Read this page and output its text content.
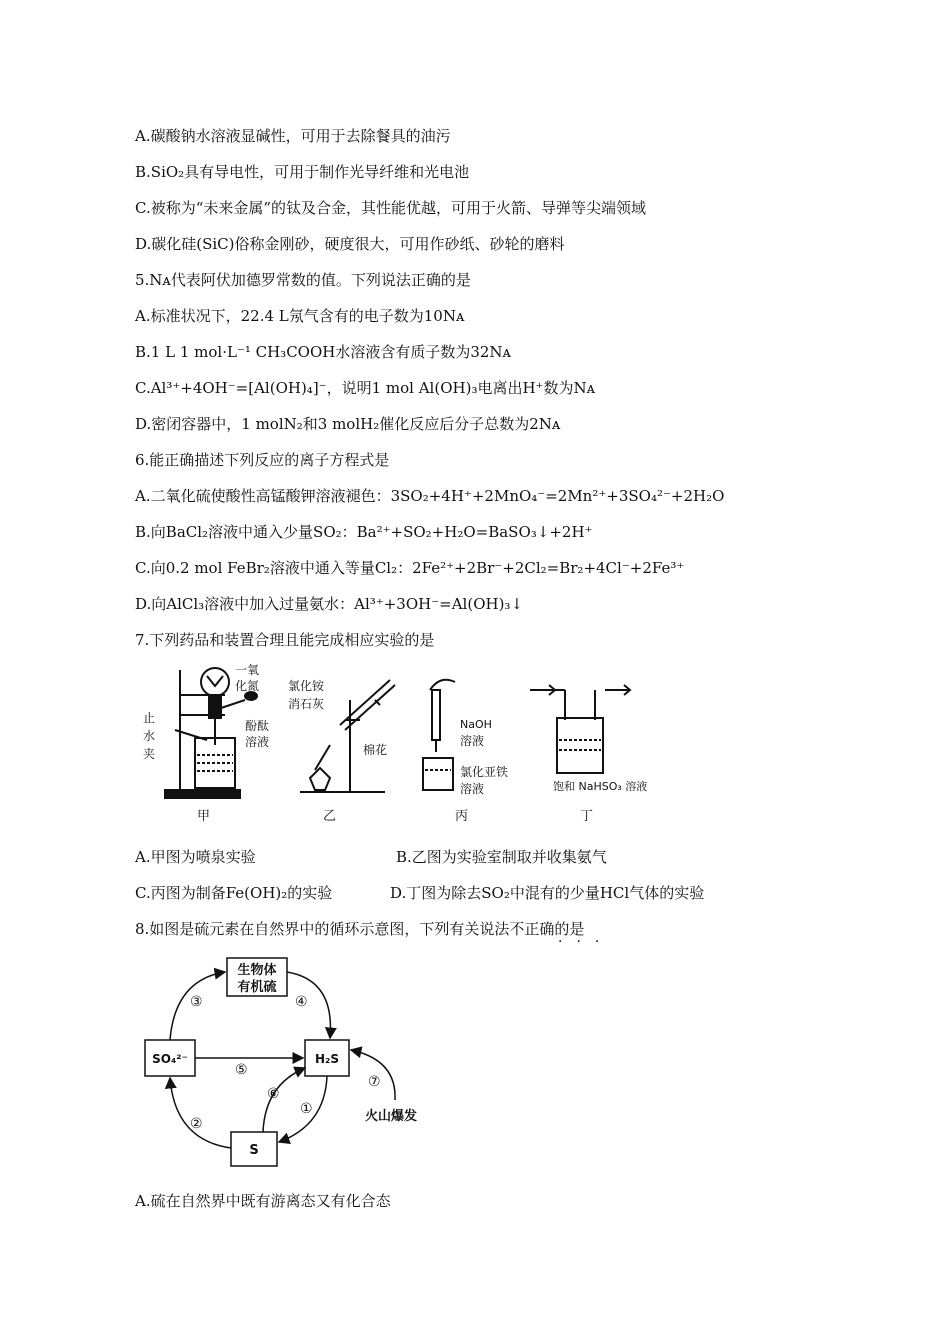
A.碳酸钠水溶液显碱性，可用于去除餐具的油污
B.SiO₂具有导电性，可用于制作光导纤维和光电池
C.被称为“未来金属”的钛及合金，其性能优越，可用于火箭、导弹等尖端领域
D.碳化硅(SiC)俗称金刚砂，硬度很大，可用作砂纸、砂轮的磨料
5.Nᴀ代表阿伏加德罗常数的值。下列说法正确的是
A.标准状况下，22.4 L氖气含有的电子数为10Nᴀ
B.1 L 1 mol·L⁻¹ CH₃COOH水溶液含有质子数为32Nᴀ
C.Al³⁺+4OH⁻=[Al(OH)₄]⁻，说明1 mol Al(OH)₃电离出H⁺数为Nᴀ
D.密闭容器中，1 molN₂和3 molH₂催化反应后分子总数为2Nᴀ
6.能正确描述下列反应的离子方程式是
A.二氧化硫使酸性高锰酸钾溶液褪色：3SO₂+4H⁺+2MnO₄⁻=2Mn²⁺+3SO₄²⁻+2H₂O
B.向BaCl₂溶液中通入少量SO₂：Ba²⁺+SO₂+H₂O=BaSO₃↓+2H⁺
C.向0.2 mol FeBr₂溶液中通入等量Cl₂：2Fe²⁺+2Br⁻+2Cl₂=Br₂+4Cl⁻+2Fe³⁺
D.向AlCl₃溶液中加入过量氨水：Al³⁺+3OH⁻=Al(OH)₃↓
7.下列药品和装置合理且能完成相应实验的是
一氧
化氮
止
水
夹
酚酞
溶液
甲
氯化铵
消石灰
棉花
乙
NaOH
溶液
氯化亚铁
溶液
丙
饱和 NaHSO₃ 溶液
丁
A.甲图为喷泉实验	B.乙图为实验室制取并收集氨气
C.丙图为制备Fe(OH)₂的实验	D.丁图为除去SO₂中混有的少量HCl气体的实验
8.如图是硫元素在自然界中的循环示意图，下列有关说法不正确的是
···
生物体
有机硫
SO₄²⁻	H₂S
S
火山爆发
③	④
⑤
②
⑥
①
⑦
A.硫在自然界中既有游离态又有化合态
